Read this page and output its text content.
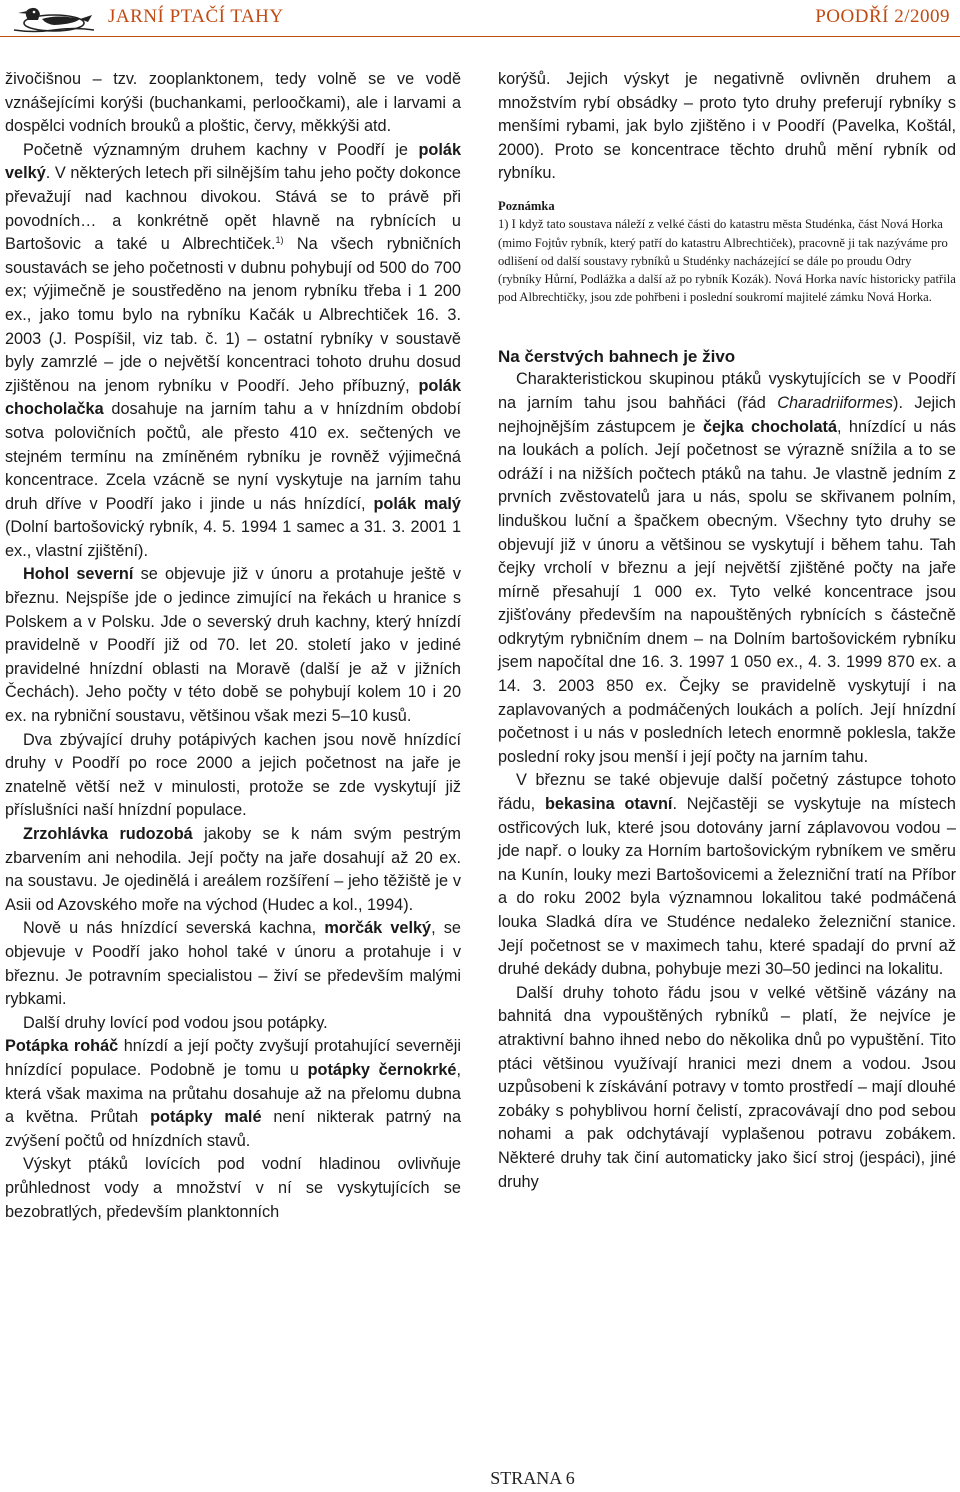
JARNÍ PTAČÍ TAHY	POODŘÍ 2/2009

živočišnou – tzv. zooplanktonem, tedy volně se ve vodě vznášejícími korýši (buchankami, perloočkami), ale i larvami a dospělci vodních brouků a ploštic, červy, měkkýši atd.

Početně významným druhem kachny v Poodří je polák velký. V některých letech při silnějším tahu jeho počty dokonce převažují nad kachnou divokou. Stává se to právě při povodních… a konkrétně opět hlavně na rybnících u Bartošovic a také u Albrechtiček.$^{1)}$ Na všech rybničních soustavách se jeho početnosti v dubnu pohybují od 500 do 700 ex; výjimečně je soustředěno na jenom rybníku třeba i 1 200 ex., jako tomu bylo na rybníku Kačák u Albrechtiček 16. 3. 2003 (J. Pospíšil, viz tab. č. 1) – ostatní rybníky v soustavě byly zamrzlé – jde o největší koncentraci tohoto druhu dosud zjištěnou na jenom rybníku v Poodří. Jeho příbuzný, polák chocholačka dosahuje na jarním tahu a v hnízdním období sotva polovičních počtů, ale přesto 410 ex. sečtených ve stejném termínu na zmíněném rybníku je rovněž výjimečná koncentrace. Zcela vzácně se nyní vyskytuje na jarním tahu druh dříve v Poodří jako i jinde u nás hnízdící, polák malý (Dolní bartošovický rybník, 4. 5. 1994 1 samec a 31. 3. 2001 1 ex., vlastní zjištění).

Hohol severní se objevuje již v únoru a protahuje ještě v březnu. Nejspíše jde o jedince zimující na řekách u hranice s Polskem a v Polsku. Jde o severský druh kachny, který hnízdí pravidelně v Poodří již od 70. let 20. století jako v jediné pravidelné hnízdní oblasti na Moravě (další je až v jižních Čechách). Jeho počty v této době se pohybují kolem 10 i 20 ex. na rybniční soustavu, většinou však mezi 5–10 kusů.

Dva zbývající druhy potápivých kachen jsou nově hnízdící druhy v Poodří po roce 2000 a jejich početnost na jaře je znatelně větší než v minulosti, protože se zde vyskytují již příslušníci naší hnízdní populace.

Zrzohlávka rudozobá jakoby se k nám svým pestrým zbarvením ani nehodila. Její počty na jaře dosahují až 20 ex. na soustavu. Je ojedinělá i areálem rozšíření – jeho těžiště je v Asii od Azovského moře na východ (Hudec a kol., 1994).

Nově u nás hnízdící severská kachna, morčák velký, se objevuje v Poodří jako hohol také v únoru a protahuje i v březnu. Je potravním specialistou – živí se především malými rybkami.

Další druhy lovící pod vodou jsou potápky.

Potápka roháč hnízdí a její počty zvyšují protahující severněji hnízdící populace. Podobně je tomu u potápky černokrké, která však maxima na průtahu dosahuje až na přelomu dubna a května. Průtah potápky malé není nikterak patrný na zvýšení počtů od hnízdních stavů.

Výskyt ptáků lovících pod vodní hladinou ovlivňuje průhlednost vody a množství v ní se vyskytujících se bezobratlých, především planktonních

korýšů. Jejich výskyt je negativně ovlivněn druhem a množstvím rybí obsádky – proto tyto druhy preferují rybníky s menšími rybami, jak bylo zjištěno i v Poodří (Pavelka, Koštál, 2000). Proto se koncentrace těchto druhů mění rybník od rybníku.

Poznámka
1) I když tato soustava náleží z velké části do katastru města Studénka, část Nová Horka (mimo Fojtův rybník, který patří do katastru Albrechtiček), pracovně ji tak nazýváme pro odlišení od další soustavy rybníků u Studénky nacházející se dále po proudu Odry (rybníky Hůrní, Podlážka a další až po rybník Kozák). Nová Horka navíc historicky patřila pod Albrechtičky, jsou zde pohřbeni i poslední soukromí majitelé zámku Nová Horka.
Na čerstvých bahnech je živo

Charakteristickou skupinou ptáků vyskytujících se v Poodří na jarním tahu jsou bahňáci (řád Charadriiformes). Jejich nejhojnějším zástupcem je čejka chocholatá, hnízdící u nás na loukách a polích. Její početnost se výrazně snížila a to se odráží i na nižších počtech ptáků na tahu. Je vlastně jedním z prvních zvěstovatelů jara u nás, spolu se skřivanem polním, linduškou luční a špačkem obecným. Všechny tyto druhy se objevují již v únoru a většinou se vyskytují i během tahu. Tah čejky vrcholí v březnu a její největší zjištěné počty na jaře mírně přesahují 1 000 ex. Tyto velké koncentrace jsou zjišťovány především na napouštěných rybnících s částečně odkrytým rybničním dnem – na Dolním bartošovickém rybníku jsem napočítal dne 16. 3. 1997 1 050 ex., 4. 3. 1999 870 ex. a 14. 3. 2003 850 ex. Čejky se pravidelně vyskytují i na zaplavovaných a podmáčených loukách a polích. Její hnízdní početnost i u nás v posledních letech enormně poklesla, takže poslední roky jsou menší i její počty na jarním tahu.

V březnu se také objevuje další početný zástupce tohoto řádu, bekasina otavní. Nejčastěji se vyskytuje na místech ostřicových luk, které jsou dotovány jarní záplavovou vodou – jde např. o louky za Horním bartošovickým rybníkem ve směru na Kunín, louky mezi Bartošovicemi a železniční tratí na Příbor a do roku 2002 byla významnou lokalitou také podmáčená louka Sladká díra ve Studénce nedaleko železniční stanice. Její početnost se v maximech tahu, které spadají do první až druhé dekády dubna, pohybuje mezi 30–50 jedinci na lokalitu.

Další druhy tohoto řádu jsou v velké většině vázány na bahnitá dna vypouštěných rybníků – platí, že nejvíce je atraktivní bahno ihned nebo do několika dnů po vypuštění. Tito ptáci většinou využívají hranici mezi dnem a vodou. Jsou uzpůsobeni k získávání potravy v tomto prostředí – mají dlouhé zobáky s pohyblivou horní čelistí, zpracovávají dno pod sebou nohami a pak odchytávají vyplašenou potravu zobákem. Některé druhy tak činí automaticky jako šicí stroj (jespáci), jiné druhy

STRANA 6
